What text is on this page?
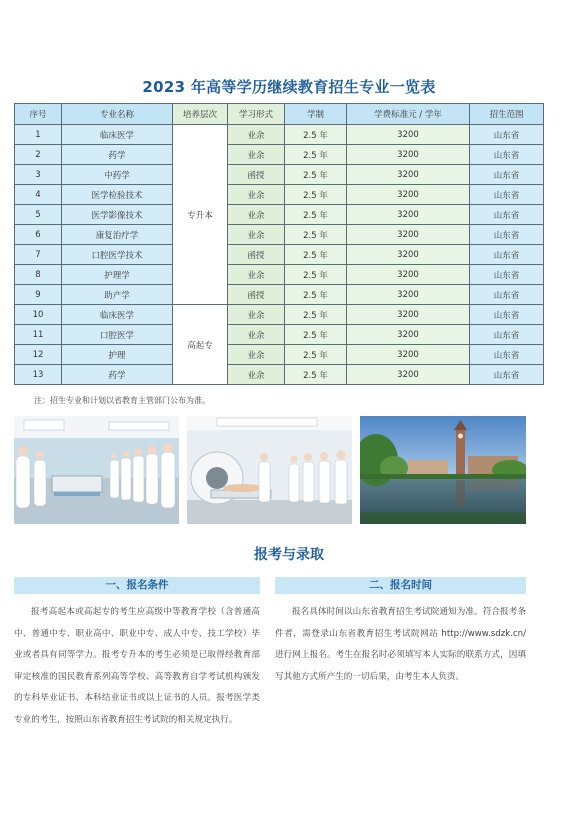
2023 年高等学历继续教育招生专业一览表
序号	专业名称	培养层次	学习形式	学制	学费标准元 / 学年	招生范围
1	临床医学	专升本	业余	2.5 年	3200	山东省
2	药学		业余	2.5 年	3200	山东省
3	中药学		函授	2.5 年	3200	山东省
4	医学检验技术		业余	2.5 年	3200	山东省
5	医学影像技术		业余	2.5 年	3200	山东省
6	康复治疗学		业余	2.5 年	3200	山东省
7	口腔医学技术		函授	2.5 年	3200	山东省
8	护理学		业余	2.5 年	3200	山东省
9	助产学		函授	2.5 年	3200	山东省
10	临床医学	高起专	业余	2.5 年	3200	山东省
11	口腔医学		业余	2.5 年	3200	山东省
12	护理		业余	2.5 年	3200	山东省
13	药学		业余	2.5 年	3200	山东省
注：招生专业和计划以省教育主管部门公布为准。
报考与录取
一、报名条件	二、报名时间

报考高起本或高起专的考生应高级中等教育学校（含普通高中、普通中专、职业高中、职业中专、成人中专、技工学校）毕业或者具有同等学力。报考专升本的考生必须是已取得经教育部审定核准的国民教育系列高等学校、高等教育自学考试机构颁发的专科毕业证书、本科结业证书或以上证书的人员。报考医学类专业的考生，按照山东省教育招生考试院的相关规定执行。

报名具体时间以山东省教育招生考试院通知为准。符合报考条件者，需登录山东省教育招生考试院网站 http://www.sdzk.cn/ 进行网上报名。考生在报名时必须填写本人实际的联系方式，因填写其他方式所产生的一切后果，由考生本人负责。
